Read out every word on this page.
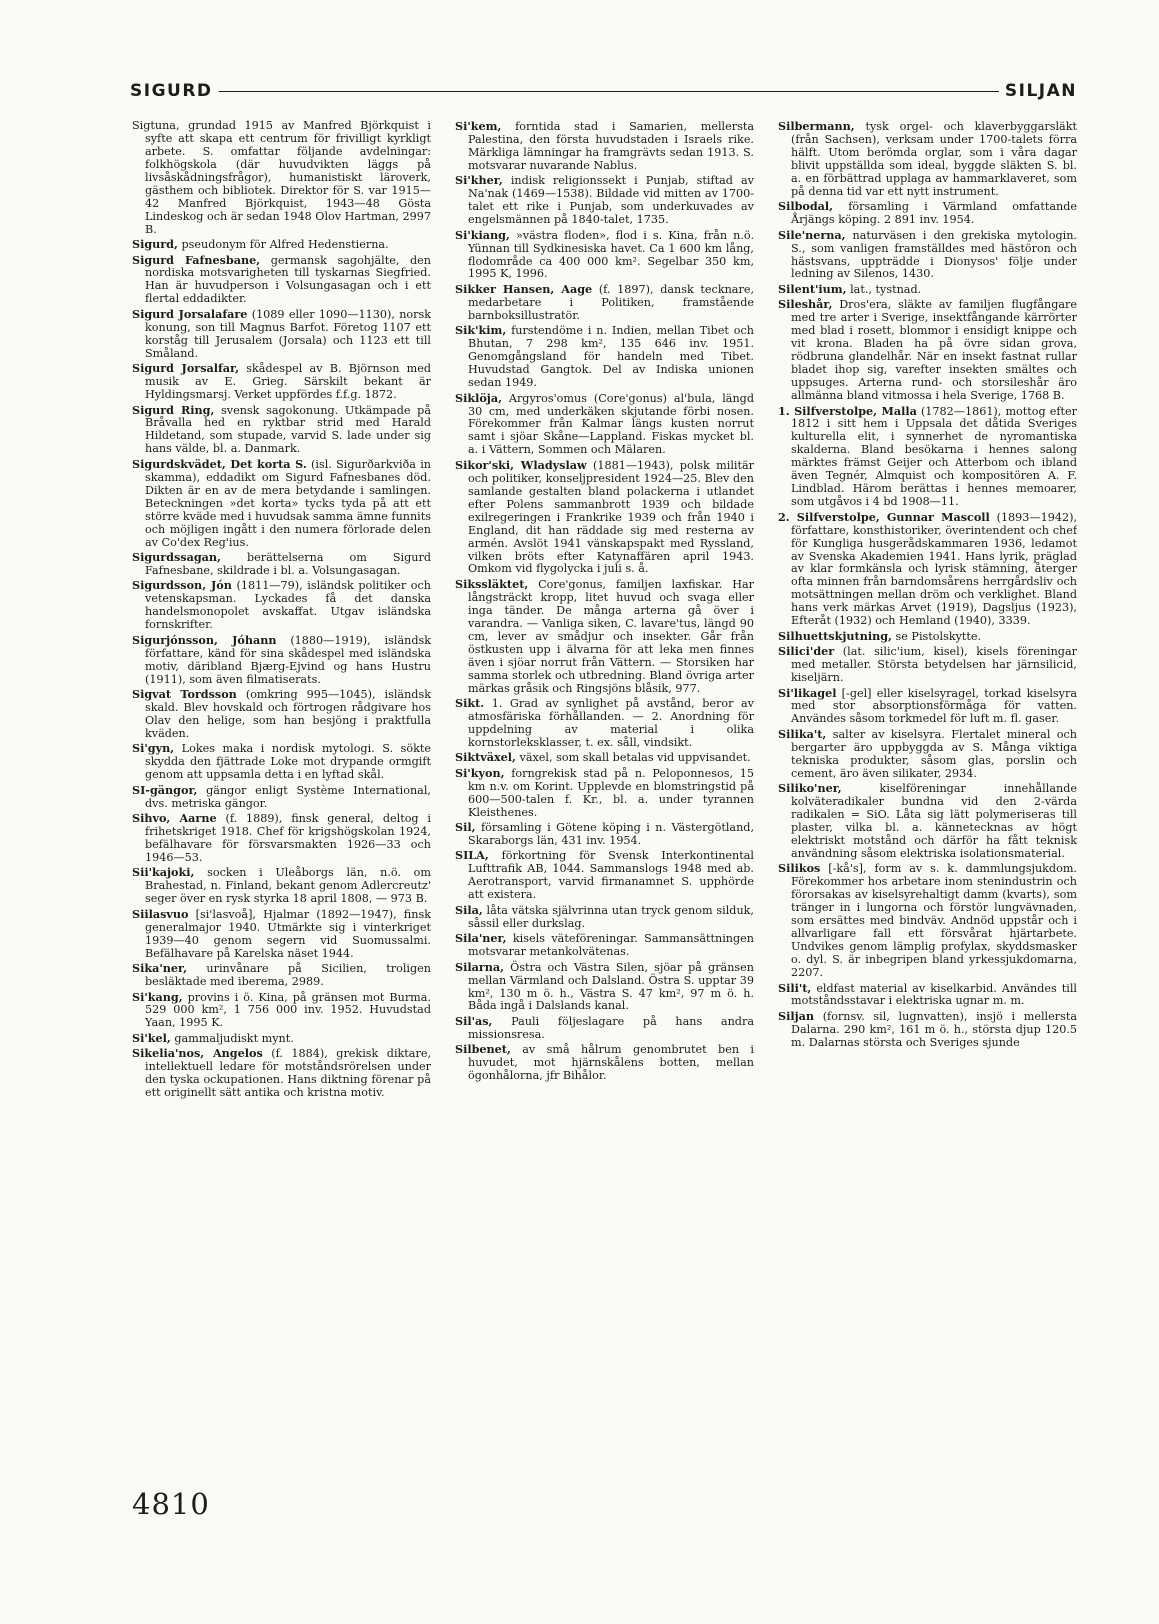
SIGURD	SILJAN

Sigtuna, grundad 1915 av Manfred Björkquist i syfte att skapa ett centrum för frivilligt kyrkligt arbete. S. omfattar följande avdelningar: folkhögskola (där huvudvikten läggs på livsåskådningsfrågor), humanistiskt läroverk, gästhem och bibliotek. Direktor för S. var 1915—42 Manfred Björkquist, 1943—48 Gösta Lindeskog och är sedan 1948 Olov Hartman, 2997 B.

Sigurd, pseudonym för Alfred Hedenstierna.

Sigurd Fafnesbane, germansk sagohjälte, den nordiska motsvarigheten till tyskarnas Siegfried. Han är huvudperson i Volsungasagan och i ett flertal eddadikter.

Sigurd Jorsalafare (1089 eller 1090—1130), norsk konung, son till Magnus Barfot. Företog 1107 ett korståg till Jerusalem (Jorsala) och 1123 ett till Småland.

Sigurd Jorsalfar, skådespel av B. Björnson med musik av E. Grieg. Särskilt bekant är Hyldingsmarsj. Verket uppfördes f.f.g. 1872.

Sigurd Ring, svensk sagokonung. Utkämpade på Bråvalla hed en ryktbar strid med Harald Hildetand, som stupade, varvid S. lade under sig hans välde, bl. a. Danmark.

Sigurdskvädet, Det korta S. (isl. Sigurðarkviða in skamma), eddadikt om Sigurd Fafnesbanes död. Dikten är en av de mera betydande i samlingen. Beteckningen »det korta» tycks tyda på att ett större kväde med i huvudsak samma ämne funnits och möjligen ingått i den numera förlorade delen av Co'dex Reg'ius.

Sigurdssagan, berättelserna om Sigurd Fafnesbane, skildrade i bl. a. Volsungasagan.

Sigurdsson, Jón (1811—79), isländsk politiker och vetenskapsman. Lyckades få det danska handelsmonopolet avskaffat. Utgav isländska fornskrifter.

Sigurjónsson, Jóhann (1880—1919), isländsk författare, känd för sina skådespel med isländska motiv, däribland Bjærg-Ejvind og hans Hustru (1911), som även filmatiserats.

Sigvat Tordsson (omkring 995—1045), isländsk skald. Blev hovskald och förtrogen rådgivare hos Olav den helige, som han besjöng i praktfulla kväden.

Si'gyn, Lokes maka i nordisk mytologi. S. sökte skydda den fjättrade Loke mot drypande ormgift genom att uppsamla detta i en lyftad skål.

SI-gängor, gängor enligt Système International, dvs. metriska gängor.

Sihvo, Aarne (f. 1889), finsk general, deltog i frihetskriget 1918. Chef för krigshögskolan 1924, befälhavare för försvarsmakten 1926—33 och 1946—53.

Sii'kajoki, socken i Uleåborgs län, n.ö. om Brahestad, n. Finland, bekant genom Adlercreutz' seger över en rysk styrka 18 april 1808, — 973 B.

Siilasvuo [si'lasvoå], Hjalmar (1892—1947), finsk generalmajor 1940. Utmärkte sig i vinterkriget 1939—40 genom segern vid Suomussalmi. Befälhavare på Karelska näset 1944.

Sika'ner, urinvånare på Sicilien, troligen besläktade med iberema, 2989.

Si'kang, provins i ö. Kina, på gränsen mot Burma. 529 000 km², 1 756 000 inv. 1952. Huvudstad Yaan, 1995 K.

Si'kel, gammaljudiskt mynt.

Sikelia'nos, Angelos (f. 1884), grekisk diktare, intellektuell ledare för motståndsrörelsen under den tyska ockupationen. Hans diktning förenar på ett originellt sätt antika och kristna motiv.

Si'kem, forntida stad i Samarien, mellersta Palestina, den första huvudstaden i Israels rike. Märkliga lämningar ha framgrävts sedan 1913. S. motsvarar nuvarande Nablus.

Si'kher, indisk religionssekt i Punjab, stiftad av Na'nak (1469—1538). Bildade vid mitten av 1700-talet ett rike i Punjab, som underkuvades av engelsmännen på 1840-talet, 1735.

Si'kiang, »västra floden», flod i s. Kina, från n.ö. Yünnan till Sydkinesiska havet. Ca 1 600 km lång, flodområde ca 400 000 km². Segelbar 350 km, 1995 K, 1996.

Sikker Hansen, Aage (f. 1897), dansk tecknare, medarbetare i Politiken, framstående barnboksillustratör.

Sik'kim, furstendöme i n. Indien, mellan Tibet och Bhutan, 7 298 km², 135 646 inv. 1951. Genomgångsland för handeln med Tibet. Huvudstad Gangtok. Del av Indiska unionen sedan 1949.

Siklöja, Argyros'omus (Core'gonus) al'bula, längd 30 cm, med underkäken skjutande förbi nosen. Förekommer från Kalmar längs kusten norrut samt i sjöar Skåne—Lappland. Fiskas mycket bl. a. i Vättern, Sommen och Mälaren.

Sikor'ski, Wladyslaw (1881—1943), polsk militär och politiker, konseljpresident 1924—25. Blev den samlande gestalten bland polackerna i utlandet efter Polens sammanbrott 1939 och bildade exilregeringen i Frankrike 1939 och från 1940 i England, dit han räddade sig med resterna av armén. Avslöt 1941 vänskapspakt med Ryssland, vilken bröts efter Katynaffären april 1943. Omkom vid flygolycka i juli s. å.

Sikssläktet, Core'gonus, familjen laxfiskar. Har långsträckt kropp, litet huvud och svaga eller inga tänder. De många arterna gå över i varandra. — Vanliga siken, C. lavare'tus, längd 90 cm, lever av smådjur och insekter. Går från östkusten upp i älvarna för att leka men finnes även i sjöar norrut från Vättern. — Storsiken har samma storlek och utbredning. Bland övriga arter märkas gråsik och Ringsjöns blåsik, 977.

Sikt. 1. Grad av synlighet på avstånd, beror av atmosfäriska förhållanden. — 2. Anordning för uppdelning av material i olika kornstorleksklasser, t. ex. såll, vindsikt.

Siktväxel, växel, som skall betalas vid uppvisandet.

Si'kyon, forngrekisk stad på n. Peloponnesos, 15 km n.v. om Korint. Upplevde en blomstringstid på 600—500-talen f. Kr., bl. a. under tyrannen Kleisthenes.

Sil, församling i Götene köping i n. Västergötland, Skaraborgs län, 431 inv. 1954.

SILA, förkortning för Svensk Interkontinental Lufttrafik AB, 1044. Sammanslogs 1948 med ab. Aerotransport, varvid firmanamnet S. upphörde att existera.

Sila, låta vätska självrinna utan tryck genom silduk, såssil eller durkslag.

Sila'ner, kisels väteföreningar. Sammansättningen motsvarar metankolvätenas.

Silarna, Östra och Västra Silen, sjöar på gränsen mellan Värmland och Dalsland. Östra S. upptar 39 km², 130 m ö. h., Västra S. 47 km², 97 m ö. h. Båda ingå i Dalslands kanal.

Sil'as, Pauli följeslagare på hans andra missionsresa.

Silbenet, av små hålrum genombrutet ben i huvudet, mot hjärnskålens botten, mellan ögonhålorna, jfr Bihålor.

Silbermann, tysk orgel- och klaverbyggarsläkt (från Sachsen), verksam under 1700-talets förra hälft. Utom berömda orglar, som i våra dagar blivit uppställda som ideal, byggde släkten S. bl. a. en förbättrad upplaga av hammarklaveret, som på denna tid var ett nytt instrument.

Silbodal, församling i Värmland omfattande Årjängs köping. 2 891 inv. 1954.

Sile'nerna, naturväsen i den grekiska mytologin. S., som vanligen framställdes med hästöron och hästsvans, uppträdde i Dionysos' följe under ledning av Silenos, 1430.

Silent'ium, lat., tystnad.

Sileshår, Dros'era, släkte av familjen flugfångare med tre arter i Sverige, insektfångande kärrörter med blad i rosett, blommor i ensidigt knippe och vit krona. Bladen ha på övre sidan grova, rödbruna glandelhår. När en insekt fastnat rullar bladet ihop sig, varefter insekten smältes och uppsuges. Arterna rund- och storsileshår äro allmänna bland vitmossa i hela Sverige, 1768 B.

1. Silfverstolpe, Malla (1782—1861), mottog efter 1812 i sitt hem i Uppsala det dåtida Sveriges kulturella elit, i synnerhet de nyromantiska skalderna. Bland besökarna i hennes salong märktes främst Geijer och Atterbom och ibland även Tegnér, Almquist och kompositören A. F. Lindblad. Härom berättas i hennes memoarer, som utgåvos i 4 bd 1908—11.

2. Silfverstolpe, Gunnar Mascoll (1893—1942), författare, konsthistoriker, överintendent och chef för Kungliga husgerådskammaren 1936, ledamot av Svenska Akademien 1941. Hans lyrik, präglad av klar formkänsla och lyrisk stämning, återger ofta minnen från barndomsårens herrgårdsliv och motsättningen mellan dröm och verklighet. Bland hans verk märkas Arvet (1919), Dagsljus (1923), Efteråt (1932) och Hemland (1940), 3339.

Silhuettskjutning, se Pistolskytte.

Silici'der (lat. silic'ium, kisel), kisels föreningar med metaller. Största betydelsen har järnsilicid, kiseljärn.

Si'likagel [-gel] eller kiselsyragel, torkad kiselsyra med stor absorptionsförmåga för vatten. Användes såsom torkmedel för luft m. fl. gaser.

Silika't, salter av kiselsyra. Flertalet mineral och bergarter äro uppbyggda av S. Många viktiga tekniska produkter, såsom glas, porslin och cement, äro även silikater, 2934.

Siliko'ner,	kiselföreningar innehållande kolväteradikaler bundna vid den 2-värda radikalen = SiO. Låta sig lätt polymeriseras till plaster, vilka bl. a. kännetecknas av högt elektriskt motstånd och därför ha fått teknisk användning såsom elektriska isolationsmaterial.

Silikos [-kå's], form av s. k. dammlungsjukdom. Förekommer hos arbetare inom stenindustrin och förorsakas av kiselsyrehaltigt damm (kvarts), som tränger in i lungorna och förstör lungvävnaden, som ersättes med bindväv. Andnöd uppstår och i allvarligare fall ett försvårat hjärtarbete. Undvikes genom lämplig profylax, skyddsmasker o. dyl. S. är inbegripen bland yrkessjukdomarna, 2207.

Sili't, eldfast material av kiselkarbid. Användes till motståndsstavar i elektriska ugnar m. m.

Siljan (fornsv. sil, lugnvatten), insjö i mellersta Dalarna. 290 km², 161 m ö. h., största djup 120.5 m. Dalarnas största och Sveriges sjunde

4810
